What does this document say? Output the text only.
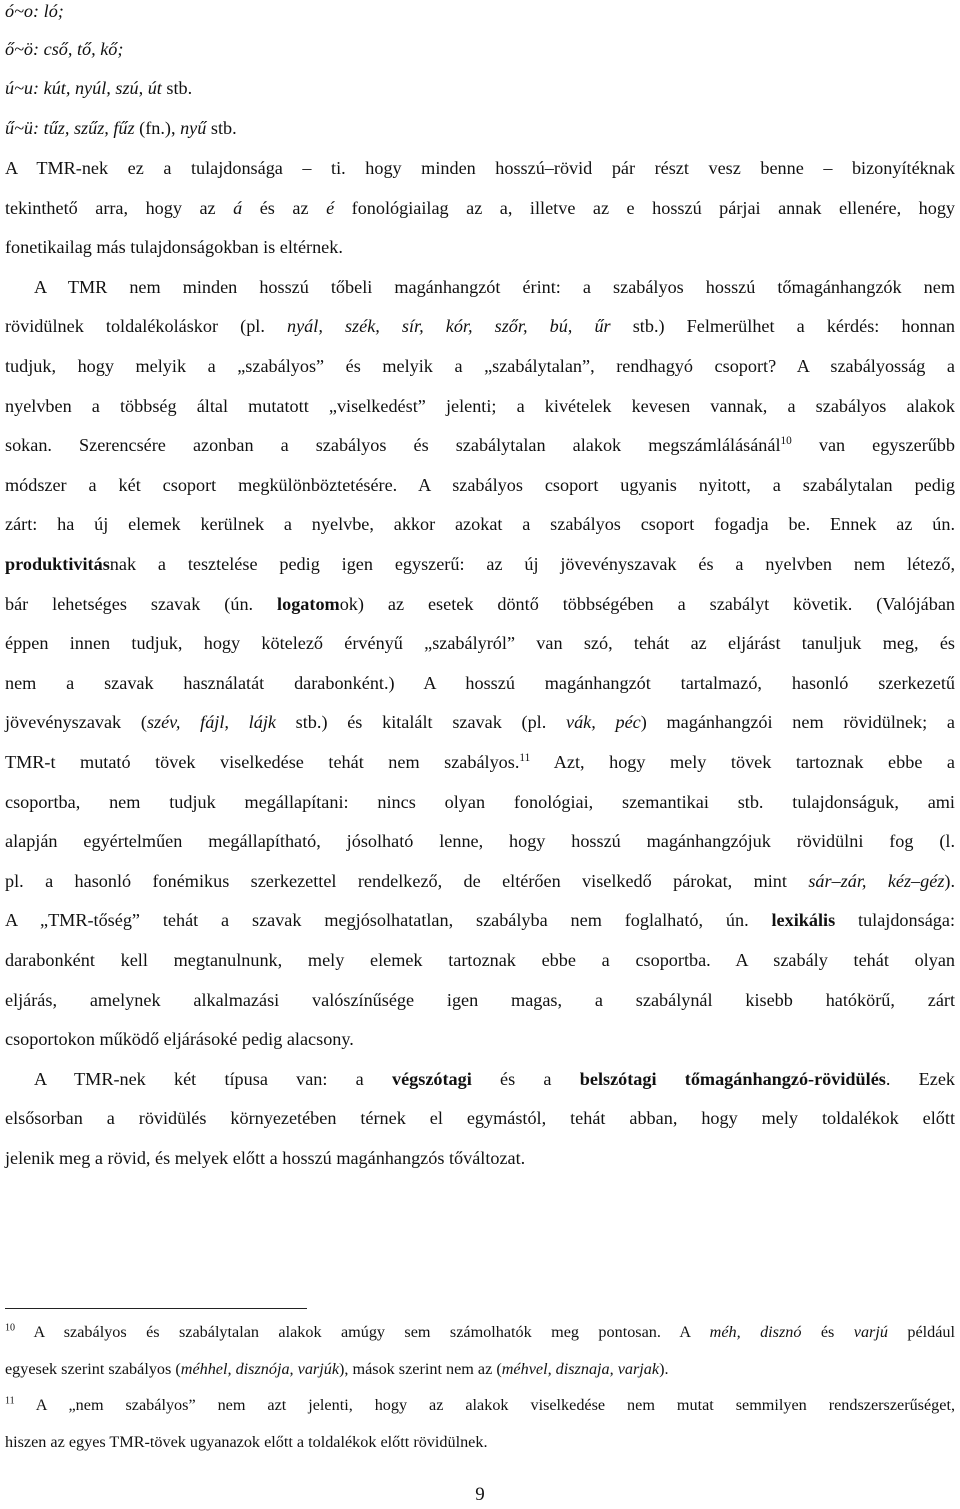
ó~o: ló;
ő~ö: cső, tő, kő;
ú~u: kút, nyúl, szú, út stb.
ű~ü: tűz, szűz, fűz (fn.), nyű stb.
A TMR-nek ez a tulajdonsága – ti. hogy minden hosszú–rövid pár részt vesz benne – bizonyítéknak
tekinthető arra, hogy az á és az é fonológiailag az a, illetve az e hosszú párjai annak ellenére, hogy
fonetikailag más tulajdonságokban is eltérnek.
A TMR nem minden hosszú tőbeli magánhangzót érint: a szabályos hosszú tőmagánhangzók nem
rövidülnek toldalékoláskor (pl. nyál, szék, sír, kór, szőr, bú, űr stb.) Felmerülhet a kérdés: honnan
tudjuk, hogy melyik a „szabályos” és melyik a „szabálytalan”, rendhagyó csoport? A szabályosság a
nyelvben a többség által mutatott „viselkedést” jelenti; a kivételek kevesen vannak, a szabályos alakok
sokan. Szerencsére azonban a szabályos és szabálytalan alakok megszámlálásánál$^{10}$ van egyszerűbb
módszer a két csoport megkülönböztetésére. A szabályos csoport ugyanis nyitott, a szabálytalan pedig
zárt: ha új elemek kerülnek a nyelvbe, akkor azokat a szabályos csoport fogadja be. Ennek az ún.
produktivitásnak a tesztelése pedig igen egyszerű: az új jövevényszavak és a nyelvben nem létező,
bár lehetséges szavak (ún. logatomok) az esetek döntő többségében a szabályt követik. (Valójában
éppen innen tudjuk, hogy kötelező érvényű „szabályról” van szó, tehát az eljárást tanuljuk meg, és
nem a szavak használatát darabonként.) A hosszú magánhangzót tartalmazó, hasonló szerkezetű
jövevényszavak (szév, fájl, lájk stb.) és kitalált szavak (pl. vák, péc) magánhangzói nem rövidülnek; a
TMR-t mutató tövek viselkedése tehát nem szabályos.$^{11}$ Azt, hogy mely tövek tartoznak ebbe a
csoportba, nem tudjuk megállapítani: nincs olyan fonológiai, szemantikai stb. tulajdonságuk, ami
alapján egyértelműen megállapítható, jósolható lenne, hogy hosszú magánhangzójuk rövidülni fog (l.
pl. a hasonló fonémikus szerkezettel rendelkező, de eltérően viselkedő párokat, mint sár–zár, kéz–géz).
A „TMR-tőség” tehát a szavak megjósolhatatlan, szabályba nem foglalható, ún. lexikális tulajdonsága:
darabonként kell megtanulnunk, mely elemek tartoznak ebbe a csoportba. A szabály tehát olyan
eljárás, amelynek alkalmazási valószínűsége igen magas, a szabálynál kisebb hatókörű, zárt
csoportokon működő eljárásoké pedig alacsony.
A TMR-nek két típusa van: a végszótagi és a belszótagi tőmagánhangzó-rövidülés. Ezek
elsősorban a rövidülés környezetében térnek el egymástól, tehát abban, hogy mely toldalékok előtt
jelenik meg a rövid, és melyek előtt a hosszú magánhangzós tőváltozat.
$^{10}$ A szabályos és szabálytalan alakok amúgy sem számolhatók meg pontosan. A méh, disznó és varjú például
egyesek szerint szabályos (méhhel, disznója, varjúk), mások szerint nem az (méhvel, disznaja, varjak).
$^{11}$ A „nem szabályos” nem azt jelenti, hogy az alakok viselkedése nem mutat semmilyen rendszerszerűséget,
hiszen az egyes TMR-tövek ugyanazok előtt a toldalékok előtt rövidülnek.
9
